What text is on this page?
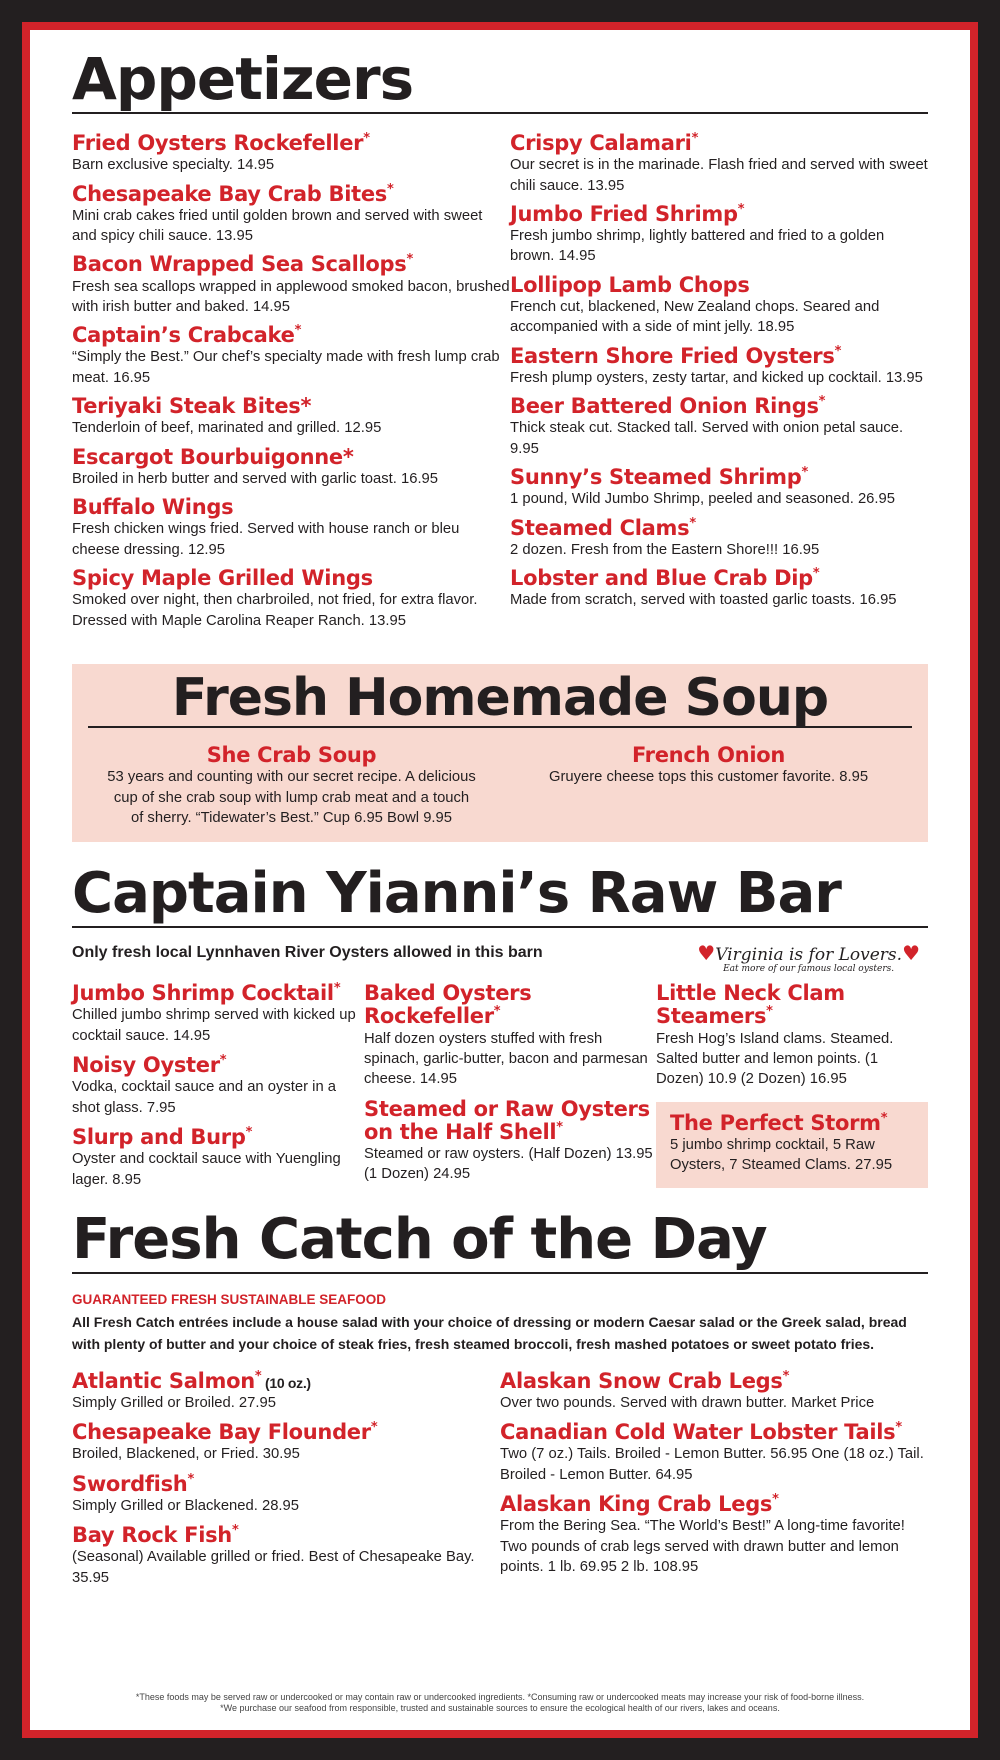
Appetizers
Fried Oysters Rockefeller*
Barn exclusive specialty. 14.95
Chesapeake Bay Crab Bites*
Mini crab cakes fried until golden brown and served with sweet and spicy chili sauce. 13.95
Bacon Wrapped Sea Scallops*
Fresh sea scallops wrapped in applewood smoked bacon, brushed with irish butter and baked. 14.95
Captain’s Crabcake*
“Simply the Best.” Our chef’s specialty made with fresh lump crab meat. 16.95
Teriyaki Steak Bites*
Tenderloin of beef, marinated and grilled. 12.95
Escargot Bourbuigonne*
Broiled in herb butter and served with garlic toast. 16.95
Buffalo Wings
Fresh chicken wings fried. Served with house ranch or bleu cheese dressing. 12.95
Spicy Maple Grilled Wings
Smoked over night, then charbroiled, not fried, for extra flavor. Dressed with Maple Carolina Reaper Ranch. 13.95
Crispy Calamari*
Our secret is in the marinade. Flash fried and served with sweet chili sauce. 13.95
Jumbo Fried Shrimp*
Fresh jumbo shrimp, lightly battered and fried to a golden brown. 14.95
Lollipop Lamb Chops
French cut, blackened, New Zealand chops. Seared and accompanied with a side of mint jelly. 18.95
Eastern Shore Fried Oysters*
Fresh plump oysters, zesty tartar, and kicked up cocktail. 13.95
Beer Battered Onion Rings*
Thick steak cut. Stacked tall. Served with onion petal sauce. 9.95
Sunny’s Steamed Shrimp*
1 pound, Wild Jumbo Shrimp, peeled and seasoned. 26.95
Steamed Clams*
2 dozen. Fresh from the Eastern Shore!!! 16.95
Lobster and Blue Crab Dip*
Made from scratch, served with toasted garlic toasts. 16.95
Fresh Homemade Soup
She Crab Soup
53 years and counting with our secret recipe. A delicious cup of she crab soup with lump crab meat and a touch of sherry. “Tidewater’s Best.” Cup 6.95 Bowl 9.95
French Onion
Gruyere cheese tops this customer favorite. 8.95
Captain Yianni’s Raw Bar
Only fresh local Lynnhaven River Oysters allowed in this barn	♥Virginia is for Lovers.♥
Eat more of our famous local oysters.
Jumbo Shrimp Cocktail*
Chilled jumbo shrimp served with kicked up cocktail sauce. 14.95
Noisy Oyster*
Vodka, cocktail sauce and an oyster in a shot glass. 7.95
Slurp and Burp*
Oyster and cocktail sauce with Yuengling lager. 8.95
Baked Oysters Rockefeller*
Half dozen oysters stuffed with fresh spinach, garlic-butter, bacon and parmesan cheese. 14.95
Steamed or Raw Oysters on the Half Shell*
Steamed or raw oysters. (Half Dozen) 13.95 (1 Dozen) 24.95
Little Neck Clam Steamers*
Fresh Hog’s Island clams. Steamed. Salted butter and lemon points. (1 Dozen) 10.9 (2 Dozen) 16.95
The Perfect Storm*
5 jumbo shrimp cocktail, 5 Raw Oysters, 7 Steamed Clams. 27.95
Fresh Catch of the Day
GUARANTEED FRESH SUSTAINABLE SEAFOOD
All Fresh Catch entrées include a house salad with your choice of dressing or modern Caesar salad or the Greek salad, bread with plenty of butter and your choice of steak fries, fresh steamed broccoli, fresh mashed potatoes or sweet potato fries.
Atlantic Salmon* (10 oz.)
Simply Grilled or Broiled. 27.95
Chesapeake Bay Flounder*
Broiled, Blackened, or Fried. 30.95
Swordfish*
Simply Grilled or Blackened. 28.95
Bay Rock Fish*
(Seasonal) Available grilled or fried. Best of Chesapeake Bay. 35.95
Alaskan Snow Crab Legs*
Over two pounds. Served with drawn butter. Market Price
Canadian Cold Water Lobster Tails*
Two (7 oz.) Tails. Broiled - Lemon Butter. 56.95 One (18 oz.) Tail. Broiled - Lemon Butter. 64.95
Alaskan King Crab Legs*
From the Bering Sea. “The World’s Best!” A long-time favorite! Two pounds of crab legs served with drawn butter and lemon points. 1 lb. 69.95 2 lb. 108.95
*These foods may be served raw or undercooked or may contain raw or undercooked ingredients. *Consuming raw or undercooked meats may increase your risk of food-borne illness.
*We purchase our seafood from responsible, trusted and sustainable sources to ensure the ecological health of our rivers, lakes and oceans.
